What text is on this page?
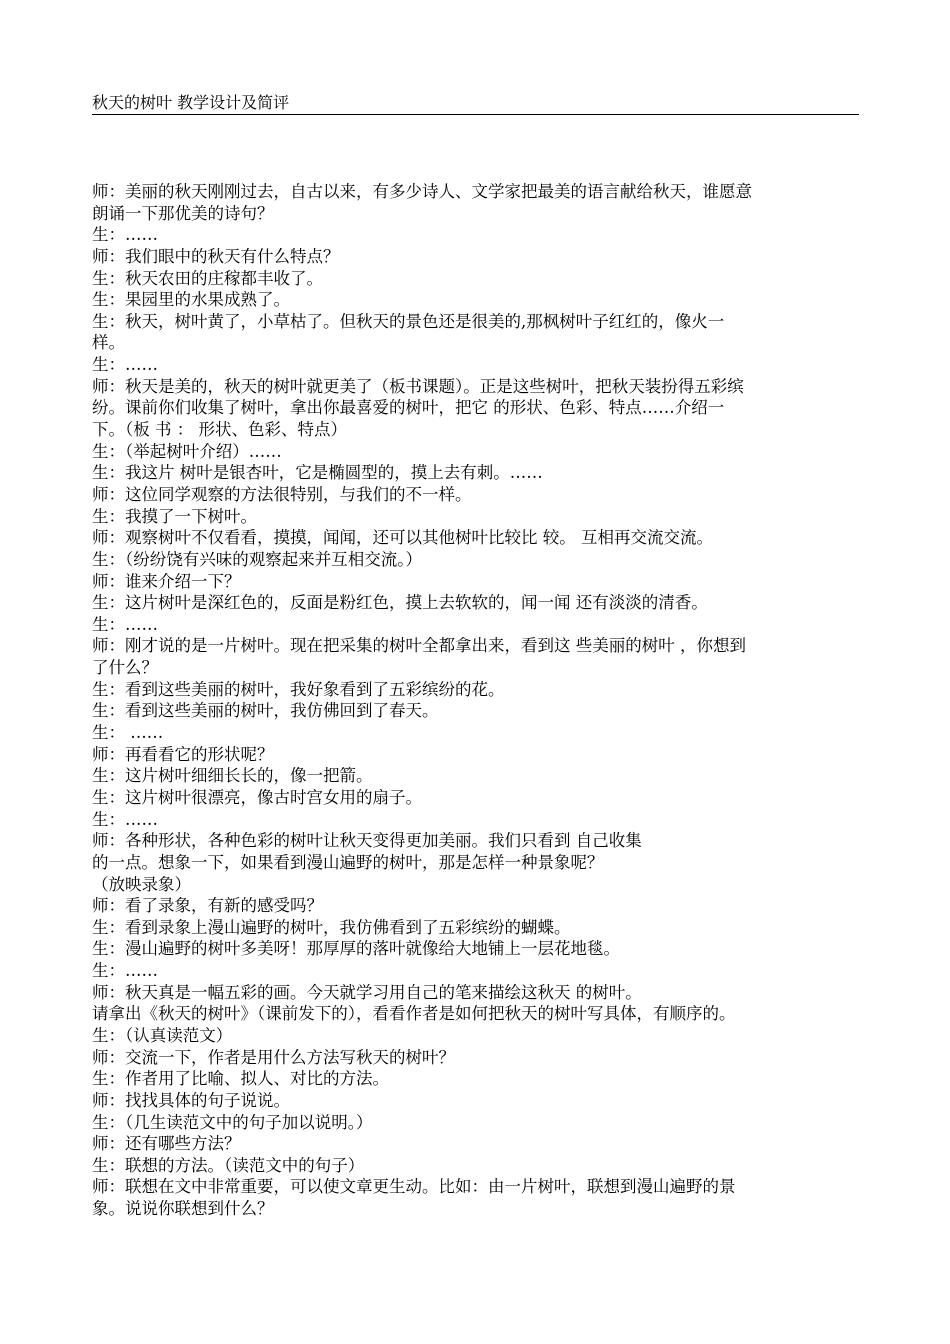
秋天的树叶 教学设计及简评
师：美丽的秋天刚刚过去，自古以来，有多少诗人、文学家把最美的语言献给秋天，谁愿意
朗诵一下那优美的诗句？
生：……
师：我们眼中的秋天有什么特点？
生：秋天农田的庄稼都丰收了。
生：果园里的水果成熟了。
生：秋天，树叶黄了，小草枯了。但秋天的景色还是很美的,那枫树叶子红红的，像火一
样。
生：……
师：秋天是美的，秋天的树叶就更美了（板书课题）。正是这些树叶，把秋天装扮得五彩缤
纷。课前你们收集了树叶，拿出你最喜爱的树叶，把它 的形状、色彩、特点……介绍一
下。（板 书 ： 形状、色彩、特点）
生：（举起树叶介绍）……
生：我这片 树叶是银杏叶，它是椭圆型的，摸上去有刺。……
师：这位同学观察的方法很特别，与我们的不一样。
生：我摸了一下树叶。
师：观察树叶不仅看看，摸摸，闻闻，还可以其他树叶比较比 较。 互相再交流交流。
生：（纷纷饶有兴味的观察起来并互相交流。）
师：谁来介绍一下？
生：这片树叶是深红色的，反面是粉红色，摸上去软软的，闻一闻 还有淡淡的清香。
生：……
师：刚才说的是一片树叶。现在把采集的树叶全都拿出来，看到这 些美丽的树叶 ，你想到
了什么？
生：看到这些美丽的树叶，我好象看到了五彩缤纷的花。
生：看到这些美丽的树叶，我仿佛回到了春天。
生： ……
师：再看看它的形状呢？
生：这片树叶细细长长的，像一把箭。
生：这片树叶很漂亮，像古时宫女用的扇子。
生：……
师：各种形状，各种色彩的树叶让秋天变得更加美丽。我们只看到 自己收集
的一点。想象一下，如果看到漫山遍野的树叶，那是怎样一种景象呢？
（放映录象）
师：看了录象，有新的感受吗？
生：看到录象上漫山遍野的树叶，我仿佛看到了五彩缤纷的蝴蝶。
生：漫山遍野的树叶多美呀！那厚厚的落叶就像给大地铺上一层花地毯。
生：……
师：秋天真是一幅五彩的画。今天就学习用自己的笔来描绘这秋天 的树叶。
请拿出《秋天的树叶》（课前发下的），看看作者是如何把秋天的树叶写具体，有顺序的。
生：（认真读范文）
师：交流一下，作者是用什么方法写秋天的树叶？
生：作者用了比喻、拟人、对比的方法。
师：找找具体的句子说说。
生：（几生读范文中的句子加以说明。）
师：还有哪些方法？
生：联想的方法。（读范文中的句子）
师：联想在文中非常重要，可以使文章更生动。比如：由一片树叶，联想到漫山遍野的景
象。说说你联想到什么？
